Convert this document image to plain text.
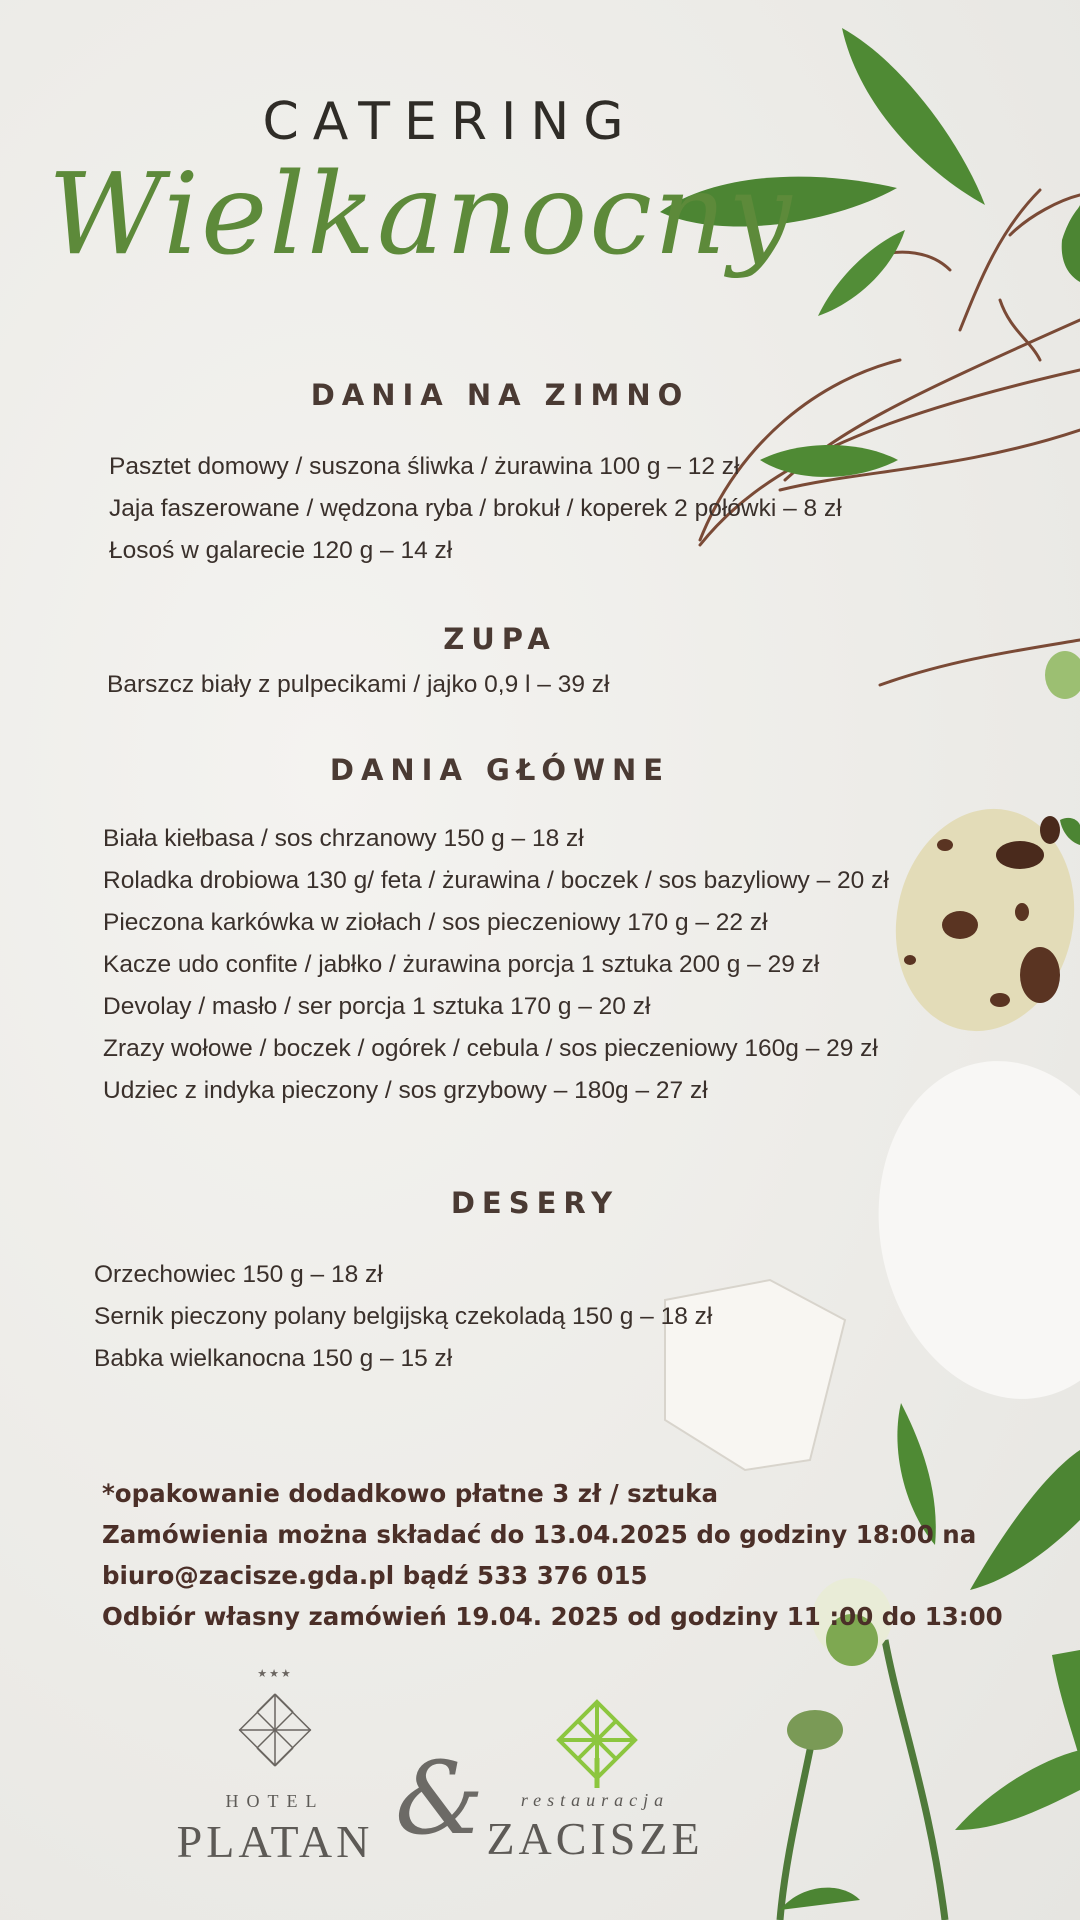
CATERING
Wielkanocny
DANIA NA ZIMNO
Pasztet domowy / suszona śliwka / żurawina 100 g – 12 zł
Jaja faszerowane / wędzona ryba / brokuł / koperek 2 połówki – 8 zł
Łosoś w galarecie 120 g – 14 zł
ZUPA
Barszcz biały z pulpecikami / jajko 0,9 l – 39 zł
DANIA GŁÓWNE
Biała kiełbasa / sos chrzanowy 150 g – 18 zł
Roladka drobiowa 130 g/ feta / żurawina / boczek / sos bazyliowy – 20 zł
Pieczona karkówka w ziołach / sos pieczeniowy 170 g – 22 zł
Kacze udo confite / jabłko / żurawina porcja 1 sztuka 200 g – 29 zł
Devolay / masło / ser porcja 1 sztuka 170 g – 20 zł
Zrazy wołowe / boczek / ogórek / cebula / sos pieczeniowy 160g – 29 zł
Udziec z indyka pieczony / sos grzybowy – 180g – 27 zł
DESERY
Orzechowiec 150 g – 18 zł
Sernik pieczony polany belgijską czekoladą 150 g – 18 zł
Babka wielkanocna 150 g – 15 zł
*opakowanie dodadkowo płatne 3 zł / sztuka
Zamówienia można składać do 13.04.2025 do godziny 18:00 na
biuro@zacisze.gda.pl bądź 533 376 015
Odbiór własny zamówień 19.04. 2025 od godziny 11 :00 do 13:00
★★★
HOTEL
PLATAN &	restauracja
ZACISZE
